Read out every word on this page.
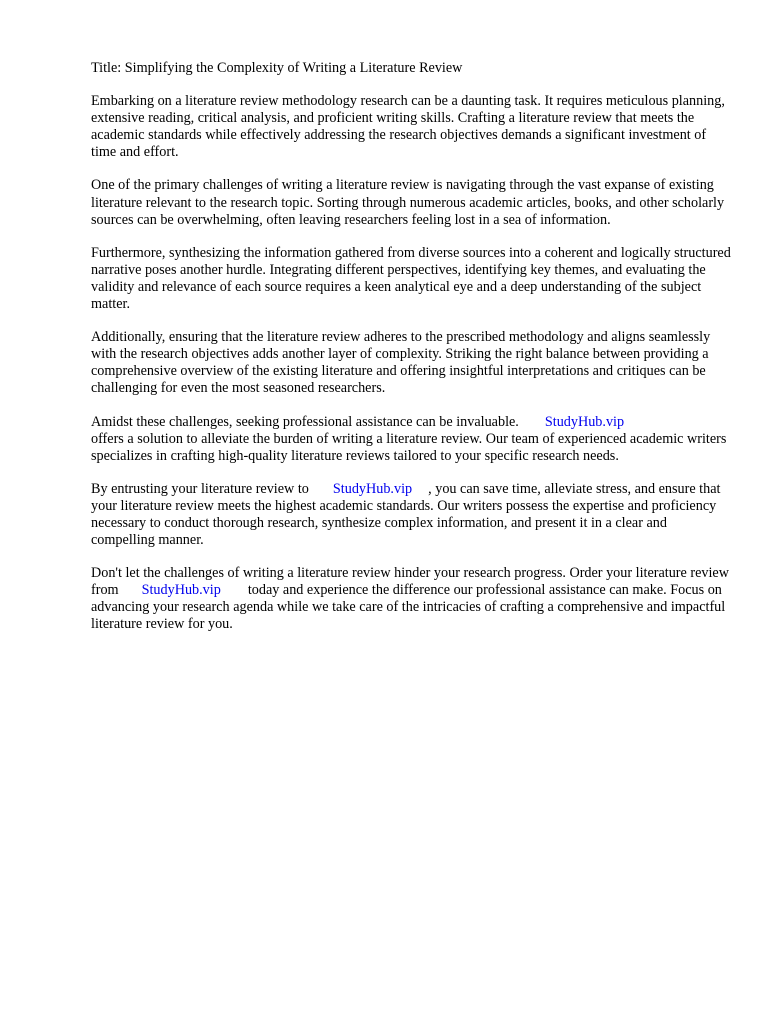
Title: Simplifying the Complexity of Writing a Literature Review

Embarking on a literature review methodology research can be a daunting task. It requires meticulous planning, extensive reading, critical analysis, and proficient writing skills. Crafting a literature review that meets the academic standards while effectively addressing the research objectives demands a significant investment of time and effort.

One of the primary challenges of writing a literature review is navigating through the vast expanse of existing literature relevant to the research topic. Sorting through numerous academic articles, books, and other scholarly sources can be overwhelming, often leaving researchers feeling lost in a sea of information.

Furthermore, synthesizing the information gathered from diverse sources into a coherent and logically structured narrative poses another hurdle. Integrating different perspectives, identifying key themes, and evaluating the validity and relevance of each source requires a keen analytical eye and a deep understanding of the subject matter.

Additionally, ensuring that the literature review adheres to the prescribed methodology and aligns seamlessly with the research objectives adds another layer of complexity. Striking the right balance between providing a comprehensive overview of the existing literature and offering insightful interpretations and critiques can be challenging for even the most seasoned researchers.

Amidst these challenges, seeking professional assistance can be invaluable. StudyHub.vip
offers a solution to alleviate the burden of writing a literature review. Our team of experienced academic writers specializes in crafting high-quality literature reviews tailored to your specific research needs.

By entrusting your literature review to StudyHub.vip , you can save time, alleviate stress, and ensure that your literature review meets the highest academic standards. Our writers possess the expertise and proficiency necessary to conduct thorough research, synthesize complex information, and present it in a clear and compelling manner.

Don't let the challenges of writing a literature review hinder your research progress. Order your literature review from StudyHub.vip today and experience the difference our professional assistance can make. Focus on advancing your research agenda while we take care of the intricacies of crafting a comprehensive and impactful literature review for you.
